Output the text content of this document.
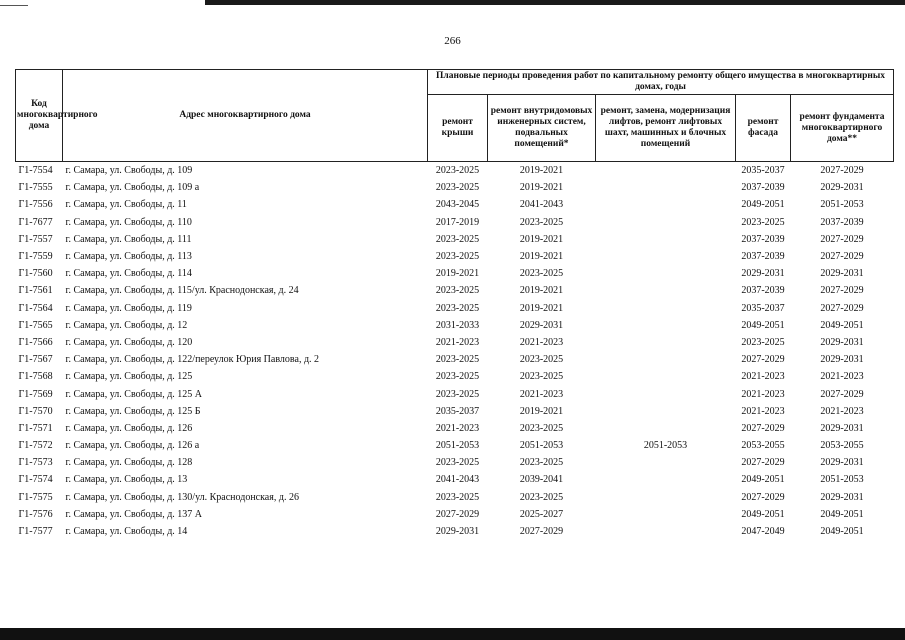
266
Код многоквартирного дома	Адрес многоквартирного дома	Плановые периоды проведения работ по капитальному ремонту общего имущества в многоквартирных домах, годы				
		ремонт крыши	ремонт внутридомовых инженерных систем, подвальных помещений*	ремонт, замена, модернизация лифтов, ремонт лифтовых шахт, машинных и блочных помещений	ремонт фасада	ремонт фундамента многоквартирного дома**
Г1-7554	г. Самара, ул. Свободы, д. 109	2023-2025	2019-2021		2035-2037	2027-2029
Г1-7555	г. Самара, ул. Свободы, д. 109 а	2023-2025	2019-2021		2037-2039	2029-2031
Г1-7556	г. Самара, ул. Свободы, д. 11	2043-2045	2041-2043		2049-2051	2051-2053
Г1-7677	г. Самара, ул. Свободы, д. 110	2017-2019	2023-2025		2023-2025	2037-2039
Г1-7557	г. Самара, ул. Свободы, д. 111	2023-2025	2019-2021		2037-2039	2027-2029
Г1-7559	г. Самара, ул. Свободы, д. 113	2023-2025	2019-2021		2037-2039	2027-2029
Г1-7560	г. Самара, ул. Свободы, д. 114	2019-2021	2023-2025		2029-2031	2029-2031
Г1-7561	г. Самара, ул. Свободы, д. 115/ул. Краснодонская, д. 24	2023-2025	2019-2021		2037-2039	2027-2029
Г1-7564	г. Самара, ул. Свободы, д. 119	2023-2025	2019-2021		2035-2037	2027-2029
Г1-7565	г. Самара, ул. Свободы, д. 12	2031-2033	2029-2031		2049-2051	2049-2051
Г1-7566	г. Самара, ул. Свободы, д. 120	2021-2023	2021-2023		2023-2025	2029-2031
Г1-7567	г. Самара, ул. Свободы, д. 122/переулок Юрия Павлова, д. 2	2023-2025	2023-2025		2027-2029	2029-2031
Г1-7568	г. Самара, ул. Свободы, д. 125	2023-2025	2023-2025		2021-2023	2021-2023
Г1-7569	г. Самара, ул. Свободы, д. 125 А	2023-2025	2021-2023		2021-2023	2027-2029
Г1-7570	г. Самара, ул. Свободы, д. 125 Б	2035-2037	2019-2021		2021-2023	2021-2023
Г1-7571	г. Самара, ул. Свободы, д. 126	2021-2023	2023-2025		2027-2029	2029-2031
Г1-7572	г. Самара, ул. Свободы, д. 126 а	2051-2053	2051-2053	2051-2053	2053-2055	2053-2055
Г1-7573	г. Самара, ул. Свободы, д. 128	2023-2025	2023-2025		2027-2029	2029-2031
Г1-7574	г. Самара, ул. Свободы, д. 13	2041-2043	2039-2041		2049-2051	2051-2053
Г1-7575	г. Самара, ул. Свободы, д. 130/ул. Краснодонская, д. 26	2023-2025	2023-2025		2027-2029	2029-2031
Г1-7576	г. Самара, ул. Свободы, д. 137 А	2027-2029	2025-2027		2049-2051	2049-2051
Г1-7577	г. Самара, ул. Свободы, д. 14	2029-2031	2027-2029		2047-2049	2049-2051
